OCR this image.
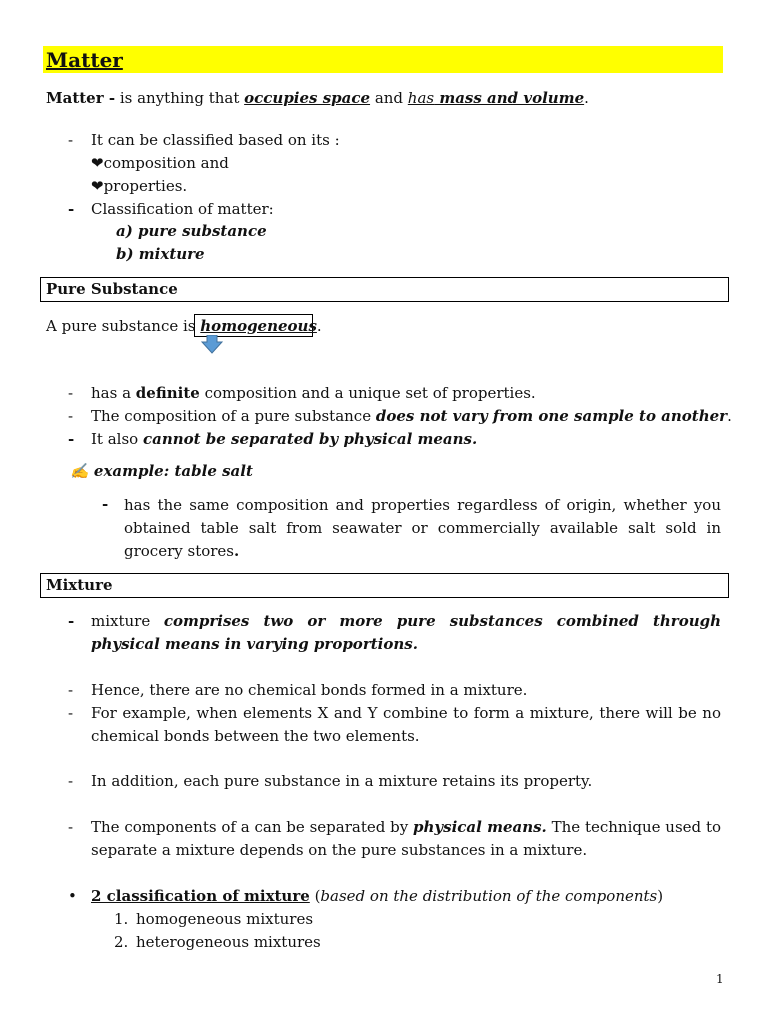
Matter
Matter - is anything that occupies space and has mass and volume.
-	It can be classified based on its :
❤composition and
❤properties.
-	Classification of matter:
a) pure substance
b) mixture
Pure Substance
A pure substance is homogeneous.
-	has a definite composition and a unique set of properties.
-	The composition of a pure substance does not vary from one sample to another.
-	It also cannot be separated by physical means.
✍ example: table salt
-	has the same composition and properties regardless of origin, whether you obtained table salt from seawater or commercially available salt sold in grocery stores.
Mixture
-	mixture comprises two or more pure substances combined through physical means in varying proportions.
-	Hence, there are no chemical bonds formed in a mixture.
-	For example, when elements X and Y combine to form a mixture, there will be no chemical bonds between the two elements.
-	In addition, each pure substance in a mixture retains its property.
-	The components of a can be separated by physical means. The technique used to separate a mixture depends on the pure substances in a mixture.
• 2 classification of mixture (based on the distribution of the components)
1. homogeneous mixtures
2. heterogeneous mixtures
1
